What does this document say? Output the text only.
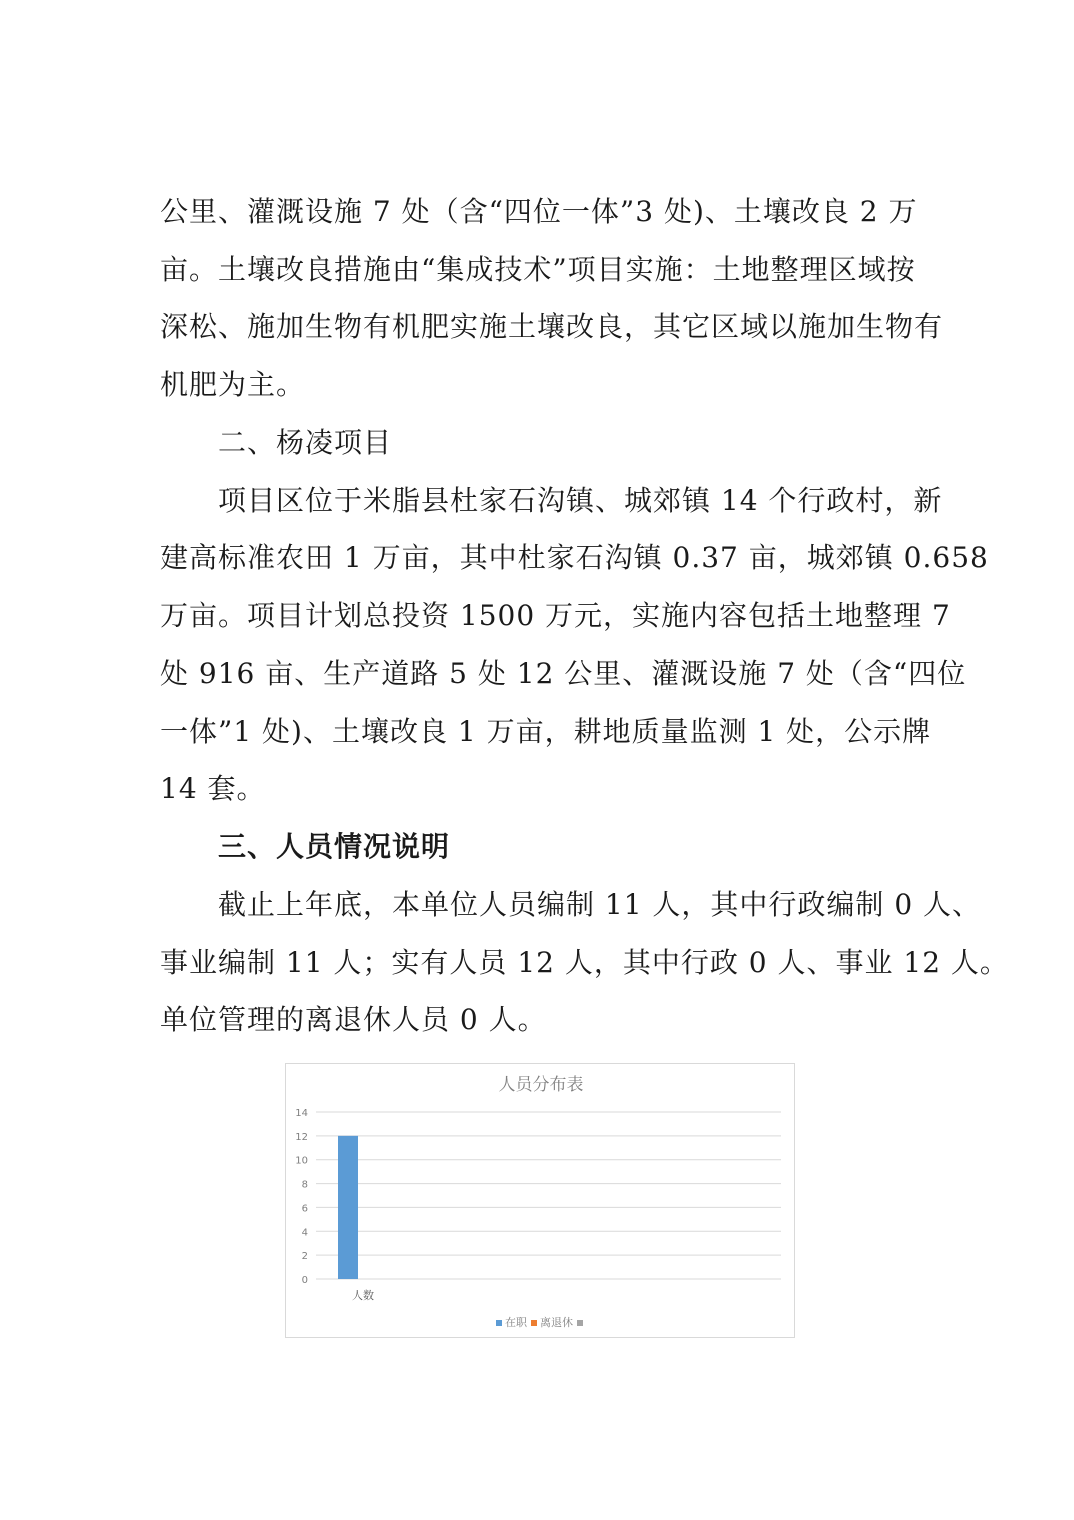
公里、灌溉设施 7 处（含“四位一体”3 处)、土壤改良 2 万
亩。土壤改良措施由“集成技术”项目实施：土地整理区域按
深松、施加生物有机肥实施土壤改良，其它区域以施加生物有
机肥为主。
二、杨凌项目
项目区位于米脂县杜家石沟镇、城郊镇 14 个行政村，新
建高标准农田 1 万亩，其中杜家石沟镇 0.37 亩，城郊镇 0.658
万亩。项目计划总投资 1500 万元，实施内容包括土地整理 7
处 916 亩、生产道路 5 处 12 公里、灌溉设施 7 处（含“四位
一体”1 处)、土壤改良 1 万亩，耕地质量监测 1 处，公示牌
14 套。
三、人员情况说明
截止上年底，本单位人员编制 11 人，其中行政编制 0 人、
事业编制 11 人；实有人员 12 人，其中行政 0 人、事业 12 人。
单位管理的离退休人员 0 人。
人员分布表
0
2
4
6
8
10
12
14
人数
在职 离退休
